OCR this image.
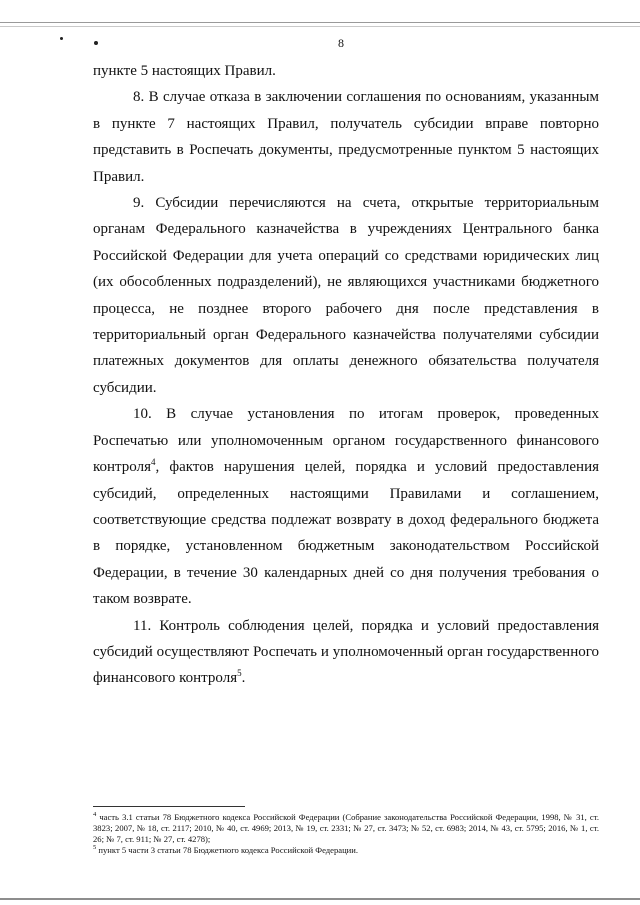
8

пункте 5 настоящих Правил.

8. В случае отказа в заключении соглашения по основаниям, указанным в пункте 7 настоящих Правил, получатель субсидии вправе повторно представить в Роспечать документы, предусмотренные пунктом 5 настоящих Правил.

9. Субсидии перечисляются на счета, открытые территориальным органам Федерального казначейства в учреждениях Центрального банка Российской Федерации для учета операций со средствами юридических лиц (их обособленных подразделений), не являющихся участниками бюджетного процесса, не позднее второго рабочего дня после представления в территориальный орган Федерального казначейства получателями субсидии платежных документов для оплаты денежного обязательства получателя субсидии.

10. В случае установления по итогам проверок, проведенных Роспечатью или уполномоченным органом государственного финансового контроля$^4$, фактов нарушения целей, порядка и условий предоставления субсидий, определенных настоящими Правилами и соглашением, соответствующие средства подлежат возврату в доход федерального бюджета в порядке, установленном бюджетным законодательством Российской Федерации, в течение 30 календарных дней со дня получения требования о таком возврате.

11. Контроль соблюдения целей, порядка и условий предоставления субсидий осуществляют Роспечать и уполномоченный орган государственного финансового контроля$^5$.

$^4$ часть 3.1 статьи 78 Бюджетного кодекса Российской Федерации (Собрание законодательства Российской Федерации, 1998, № 31, ст. 3823; 2007, № 18, ст. 2117; 2010, № 40, ст. 4969; 2013, № 19, ст. 2331; № 27, ст. 3473; № 52, ст. 6983; 2014, № 43, ст. 5795; 2016, № 1, ст. 26; № 7, ст. 911; № 27, ст. 4278);

$^5$ пункт 5 части 3 статьи 78 Бюджетного кодекса Российской Федерации.
